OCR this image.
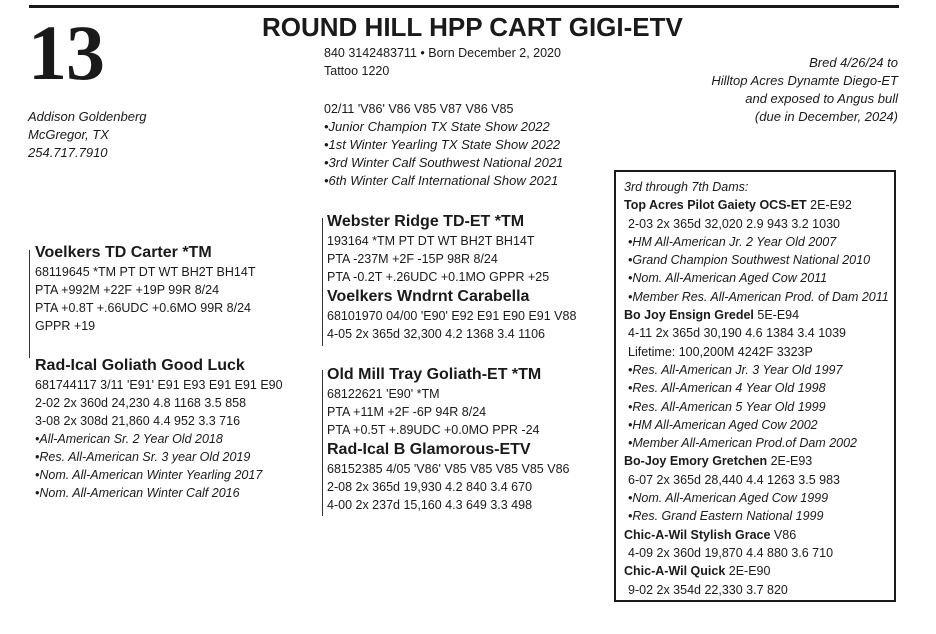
13	ROUND HILL HPP CART GIGI-ETV
840 3142483711 • Born December 2, 2020
Tattoo 1220
02/11 'V86' V86 V85 V87 V86 V85
•Junior Champion TX State Show 2022
•1st Winter Yearling TX State Show 2022
•3rd Winter Calf Southwest National 2021
•6th Winter Calf International Show 2021
Bred 4/26/24 to
Hilltop Acres Dynamte Diego-ET
and exposed to Angus bull
(due in December, 2024)
Addison Goldenberg
McGregor, TX
254.717.7910
Voelkers TD Carter *TM
68119645 *TM PT DT WT BH2T BH14T
PTA +992M +22F +19P 99R 8/24
PTA +0.8T +.66UDC +0.6MO 99R 8/24
GPPR +19
Rad-Ical Goliath Good Luck
681744117 3/11 'E91' E91 E93 E91 E91 E90
2-02 2x 360d 24,230 4.8 1168 3.5 858
3-08 2x 308d 21,860 4.4 952 3.3 716
•All-American Sr. 2 Year Old 2018
•Res. All-American Sr. 3 year Old 2019
•Nom. All-American Winter Yearling 2017
•Nom. All-American Winter Calf 2016
Webster Ridge TD-ET *TM
193164 *TM PT DT WT BH2T BH14T
PTA -237M +2F -15P 98R 8/24
PTA -0.2T +.26UDC +0.1MO GPPR +25
Voelkers Wndrnt Carabella
68101970 04/00 'E90' E92 E91 E90 E91 V88
4-05 2x 365d 32,300 4.2 1368 3.4 1106
Old Mill Tray Goliath-ET *TM
68122621 'E90' *TM
PTA +11M +2F -6P 94R 8/24
PTA +0.5T +.89UDC +0.0MO PPR -24
Rad-Ical B Glamorous-ETV
68152385 4/05 'V86' V85 V85 V85 V85 V86
2-08 2x 365d 19,930 4.2 840 3.4 670
4-00 2x 237d 15,160 4.3 649 3.3 498
3rd through 7th Dams:
Top Acres Pilot Gaiety OCS-ET 2E-E92
2-03 2x 365d 32,020 2.9 943 3.2 1030
•HM All-American Jr. 2 Year Old 2007
•Grand Champion Southwest National 2010
•Nom. All-American Aged Cow 2011
•Member Res. All-American Prod. of Dam 2011
Bo Joy Ensign Gredel 5E-E94
4-11 2x 365d 30,190 4.6 1384 3.4 1039
Lifetime: 100,200M 4242F 3323P
•Res. All-American Jr. 3 Year Old 1997
•Res. All-American 4 Year Old 1998
•Res. All-American 5 Year Old 1999
•HM All-American Aged Cow 2002
•Member All-American Prod.of Dam 2002
Bo-Joy Emory Gretchen 2E-E93
6-07 2x 365d 28,440 4.4 1263 3.5 983
•Nom. All-American Aged Cow 1999
•Res. Grand Eastern National 1999
Chic-A-Wil Stylish Grace V86
4-09 2x 360d 19,870 4.4 880 3.6 710
Chic-A-Wil Quick 2E-E90
9-02 2x 354d 22,330 3.7 820
